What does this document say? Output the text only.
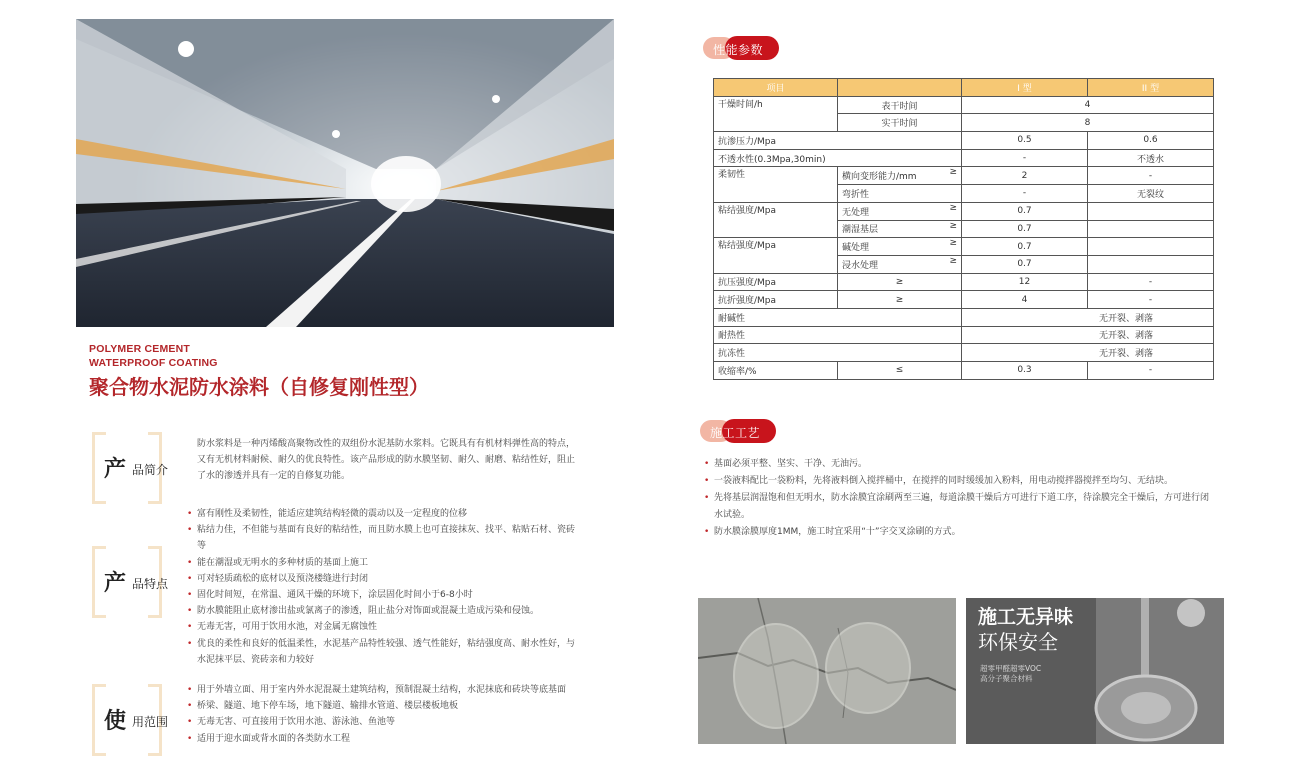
POLYMER CEMENT
WATERPROOF COATING
聚合物水泥防水涂料（自修复刚性型）
产 品简介
防水浆料是一种丙烯酸高聚物改性的双组份水泥基防水浆料。它既具有有机材料弹性高的特点，又有无机材料耐候、耐久的优良特性。该产品形成的防水膜坚韧、耐久、耐磨、粘结性好，阻止了水的渗透并具有一定的自修复功能。
产 品特点
• 富有刚性及柔韧性，能适应建筑结构轻微的震动以及一定程度的位移
• 粘结力佳，不但能与基面有良好的粘结性，而且防水膜上也可直接抹灰、找平、粘贴石材、瓷砖等
• 能在潮湿或无明水的多种材质的基面上施工
• 可对轻质疏松的底材以及预浇楼缝进行封闭
• 固化时间短，在常温、通风干燥的环境下，涂层固化时间小于6-8小时
• 防水膜能阻止底材渗出盐或氯离子的渗透，阻止盐分对饰面或混凝土造成污染和侵蚀。
• 无毒无害，可用于饮用水池，对金属无腐蚀性
• 优良的柔性和良好的低温柔性，水泥基产品特性较强、透气性能好，粘结强度高、耐水性好，与水泥抹平层、瓷砖亲和力较好
使 用范围
• 用于外墙立面、用于室内外水泥混凝土建筑结构，预制混凝土结构，水泥抹底和砖块等底基面
• 桥梁、隧道、地下停车场，地下隧道、输排水管道、楼层楼板地板
• 无毒无害、可直接用于饮用水池、游泳池、鱼池等
• 适用于迎水面或背水面的各类防水工程
性能参数
项目		I 型	II 型
干燥时间/h	表干时间	4	
	实干时间	8	
抗渗压力/Mpa		0.5	0.6
不透水性(0.3Mpa,30min)		-	不透水
柔韧性	横向变形能力/mm ≥	2	-
	弯折性	-	无裂纹
粘结强度/Mpa	无处理 ≥	0.7	
	潮湿基层 ≥	0.7	
粘结强度/Mpa	碱处理 ≥	0.7	
	浸水处理 ≥	0.7	
抗压强度/Mpa	≥	12	-
抗折强度/Mpa	≥	4	-
耐碱性		无开裂、剥落	
耐热性		无开裂、剥落	
抗冻性		无开裂、剥落	
收缩率/%	≤	0.3	-
施工工艺
• 基面必须平整、坚实、干净、无油污。
• 一袋液料配比一袋粉料，先将液料倒入搅拌桶中，在搅拌的同时缓缓加入粉料，用电动搅拌器搅拌至均匀、无结块。
• 先将基层润湿饱和但无明水，防水涂膜宜涂刷两至三遍，每道涂膜干燥后方可进行下道工序，待涂膜完全干燥后，方可进行闭水试验。
• 防水膜涂膜厚度1MM，施工时宜采用“十”字交叉涂刷的方式。
施工无异味
环保安全
超零甲醛超零VOC
高分子聚合材料
